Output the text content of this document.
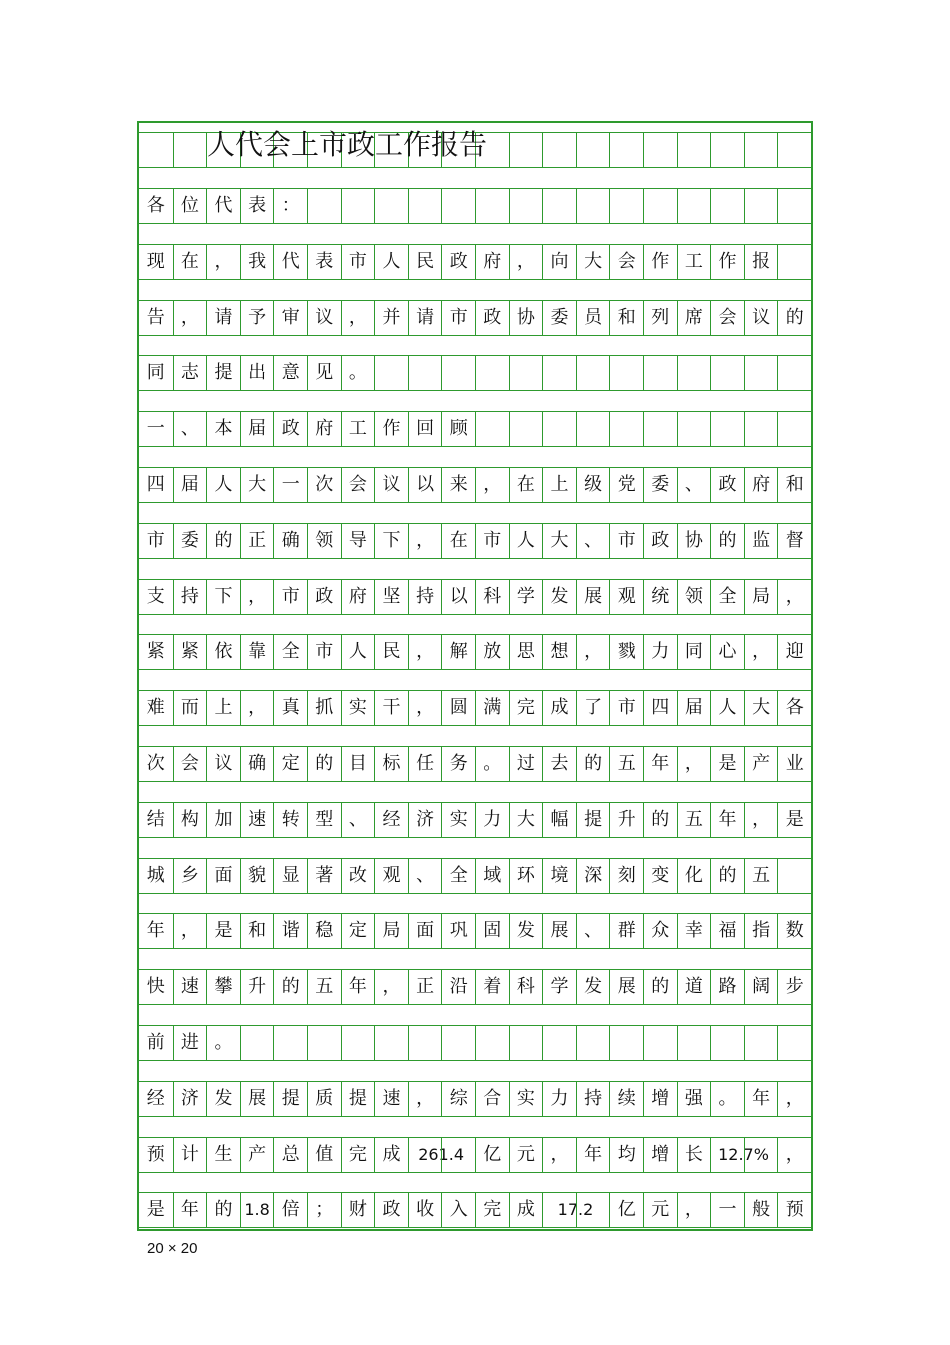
人代会上市政工作报告
各 位 代 表 ：
现 在 ， 我 代 表 市 人 民 政 府 ， 向 大 会 作 工 作 报
告 ， 请 予 审 议 ， 并 请 市 政 协 委 员 和 列 席 会 议 的
同 志 提 出 意 见 。
一 、 本 届 政 府 工 作 回 顾
四 届 人 大 一 次 会 议 以 来 ， 在 上 级 党 委 、 政 府 和
市 委 的 正 确 领 导 下 ， 在 市 人 大 、 市 政 协 的 监 督
支 持 下 ， 市 政 府 坚 持 以 科 学 发 展 观 统 领 全 局 ，
紧 紧 依 靠 全 市 人 民 ， 解 放 思 想 ， 戮 力 同 心 ， 迎
难 而 上 ， 真 抓 实 干 ， 圆 满 完 成 了 市 四 届 人 大 各
次 会 议 确 定 的 目 标 任 务 。 过 去 的 五 年 ， 是 产 业
结 构 加 速 转 型 、 经 济 实 力 大 幅 提 升 的 五 年 ， 是
城 乡 面 貌 显 著 改 观 、 全 域 环 境 深 刻 变 化 的 五
年 ， 是 和 谐 稳 定 局 面 巩 固 发 展 、 群 众 幸 福 指 数
快 速 攀 升 的 五 年 ， 正 沿 着 科 学 发 展 的 道 路 阔 步
前 进 。
经 济 发 展 提 质 提 速 ， 综 合 实 力 持 续 增 强 。 年 ，
预 计 生 产 总 值 完 成 261.4 亿 元 ， 年 均 增 长 12.7% ，
是 年 的 1.8 倍 ； 财 政 收 入 完 成 17.2 亿 元 ， 一 般 预
20 × 20
